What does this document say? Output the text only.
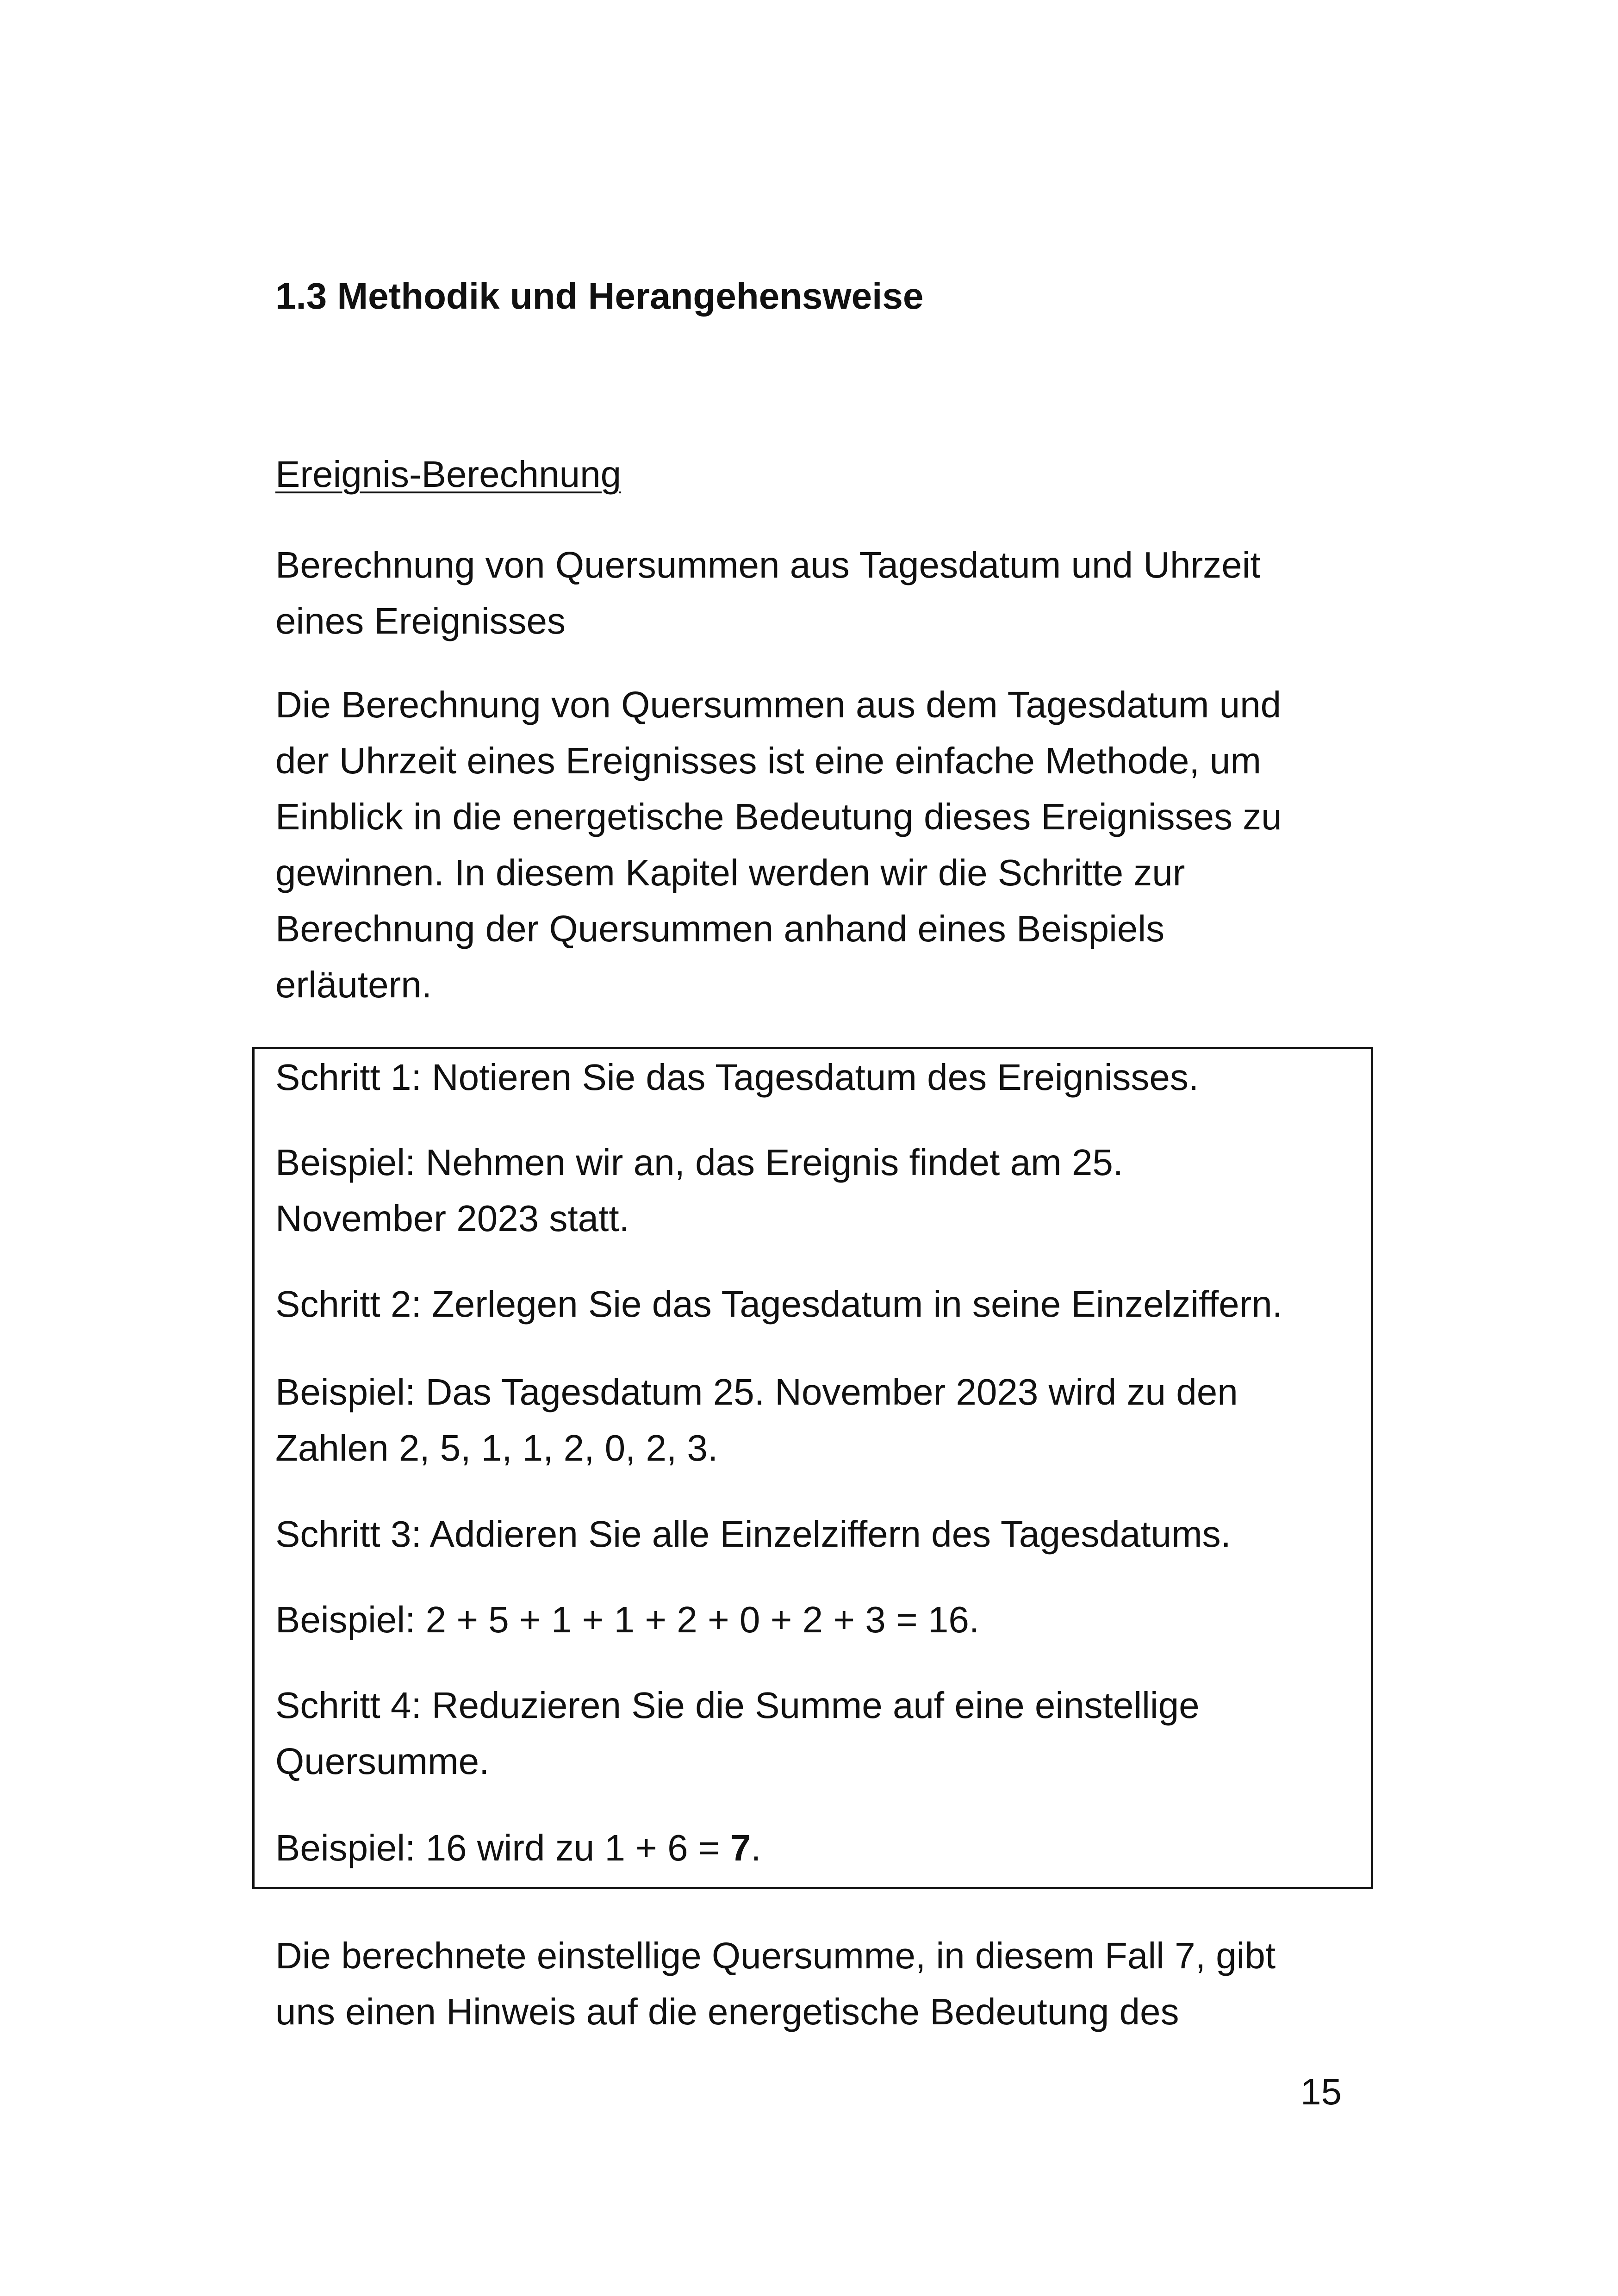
1.3 Methodik und Herangehensweise
Ereignis-Berechnung

Berechnung von Quersummen aus Tagesdatum und Uhrzeit
eines Ereignisses

Die Berechnung von Quersummen aus dem Tagesdatum und
der Uhrzeit eines Ereignisses ist eine einfache Methode, um
Einblick in die energetische Bedeutung dieses Ereignisses zu
gewinnen. In diesem Kapitel werden wir die Schritte zur
Berechnung der Quersummen anhand eines Beispiels
erläutern.

Schritt 1: Notieren Sie das Tagesdatum des Ereignisses.
Beispiel: Nehmen wir an, das Ereignis findet am 25.
November 2023 statt.
Schritt 2: Zerlegen Sie das Tagesdatum in seine Einzelziffern.
Beispiel: Das Tagesdatum 25. November 2023 wird zu den
Zahlen 2, 5, 1, 1, 2, 0, 2, 3.
Schritt 3: Addieren Sie alle Einzelziffern des Tagesdatums.
Beispiel: 2 + 5 + 1 + 1 + 2 + 0 + 2 + 3 = 16.
Schritt 4: Reduzieren Sie die Summe auf eine einstellige
Quersumme.
Beispiel: 16 wird zu 1 + 6 = 7.

Die berechnete einstellige Quersumme, in diesem Fall 7, gibt
uns einen Hinweis auf die energetische Bedeutung des

15
